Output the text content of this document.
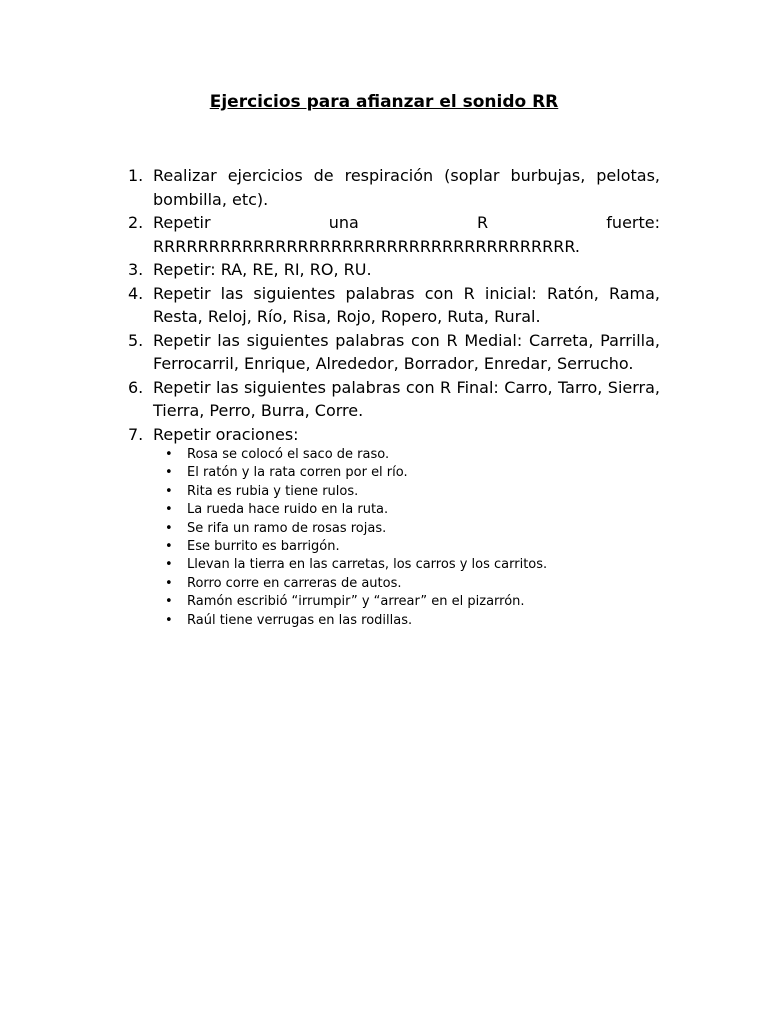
Ejercicios para afianzar el sonido RR
1. Realizar ejercicios de respiración (soplar burbujas, pelotas, bombilla, etc).
2. Repetir una R fuerte: RRRRRRRRRRRRRRRRRRRRRRRRRRRRRRRRRRRRRR.
3. Repetir: RA, RE, RI, RO, RU.
4. Repetir las siguientes palabras con R inicial: Ratón, Rama, Resta, Reloj, Río, Risa, Rojo, Ropero, Ruta, Rural.
5. Repetir las siguientes palabras con R Medial: Carreta, Parrilla, Ferrocarril, Enrique, Alrededor, Borrador, Enredar, Serrucho.
6. Repetir las siguientes palabras con R Final: Carro, Tarro, Sierra, Tierra, Perro, Burra, Corre.
7. Repetir oraciones:
• Rosa se colocó el saco de raso.
• El ratón y la rata corren por el río.
• Rita es rubia y tiene rulos.
• La rueda hace ruido en la ruta.
• Se rifa un ramo de rosas rojas.
• Ese burrito es barrigón.
• Llevan la tierra en las carretas, los carros y los carritos.
• Rorro corre en carreras de autos.
• Ramón escribió “irrumpir” y “arrear” en el pizarrón.
• Raúl tiene verrugas en las rodillas.
